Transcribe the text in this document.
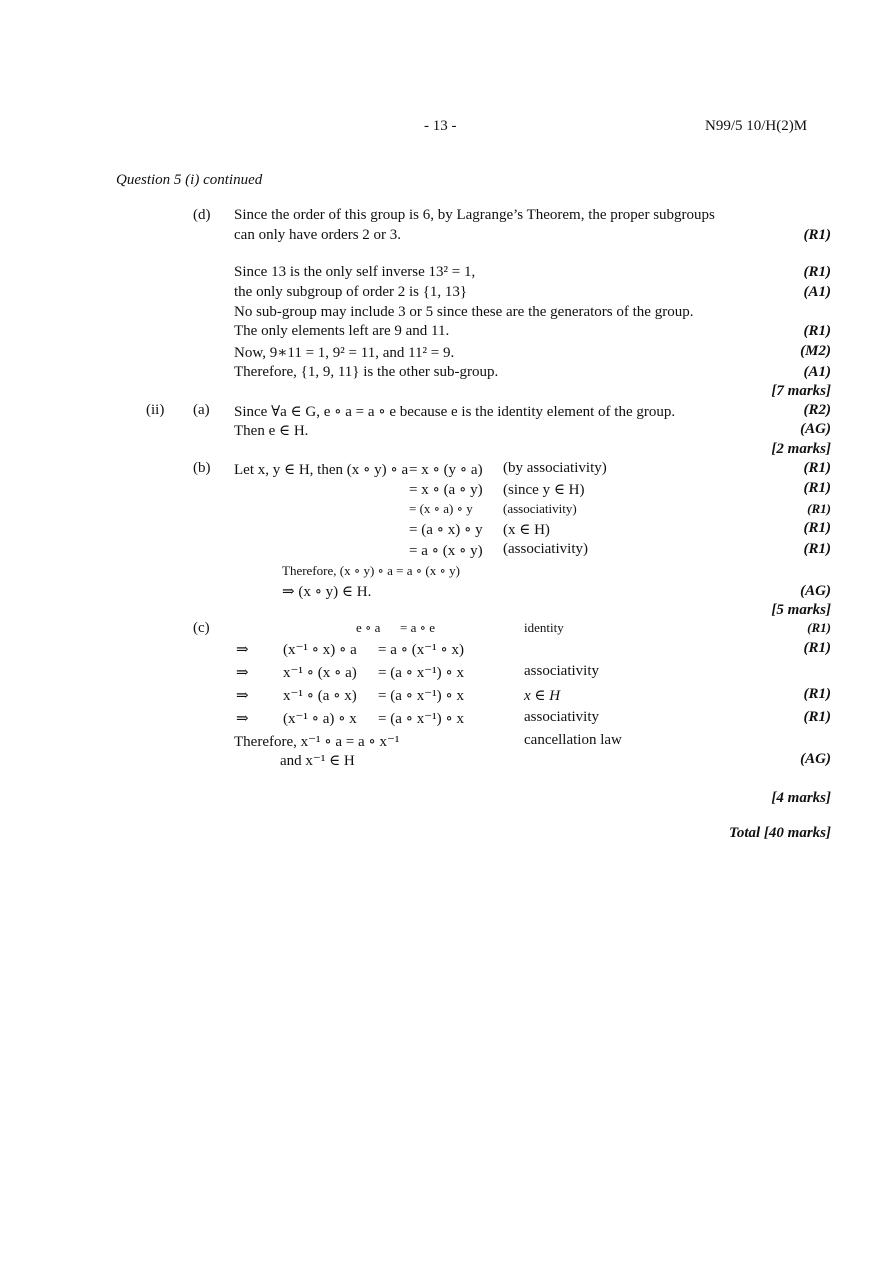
- 13 -	N99/5 10/H(2)M
Question 5 (i) continued
(d) Since the order of this group is 6, by Lagrange’s Theorem, the proper subgroups
can only have orders 2 or 3.	(R1)
Since 13 is the only self inverse 13² = 1,	(R1)
the only subgroup of order 2 is {1, 13}	(A1)
No sub-group may include 3 or 5 since these are the generators of the group.
The only elements left are 9 and 11.	(R1)
Now, 9∗11 = 1, 9² = 11, and 11² = 9.	(M2)
Therefore, {1, 9, 11} is the other sub-group.	(A1)
[7 marks]
(ii) (a) Since ∀a ∈ G, e ∘ a = a ∘ e because e is the identity element of the group.	(R2)
Then e ∈ H.	(AG)
[2 marks]
(b) Let x, y ∈ H, then (x ∘ y) ∘ a = x ∘ (y ∘ a) (by associativity)	(R1)
= x ∘ (a ∘ y) (since y ∈ H)	(R1)
= (x ∘ a) ∘ y (associativity)	(R1)
= (a ∘ x) ∘ y (x ∈ H)	(R1)
= a ∘ (x ∘ y) (associativity)	(R1)
Therefore, (x ∘ y) ∘ a = a ∘ (x ∘ y)
⇒ (x ∘ y) ∈ H.	(AG)
[5 marks]
(c)	e ∘ a = a ∘ e	identity	(R1)
⇒ (x⁻¹ ∘ x) ∘ a = a ∘ (x⁻¹ ∘ x)	(R1)
⇒ x⁻¹ ∘ (x ∘ a) = (a ∘ x⁻¹) ∘ x	associativity
⇒ x⁻¹ ∘ (a ∘ x) = (a ∘ x⁻¹) ∘ x	x ∈ H	(R1)
⇒ (x⁻¹ ∘ a) ∘ x = (a ∘ x⁻¹) ∘ x	associativity	(R1)
Therefore, x⁻¹ ∘ a = a ∘ x⁻¹	cancellation law
and x⁻¹ ∈ H	(AG)
[4 marks]
Total [40 marks]
